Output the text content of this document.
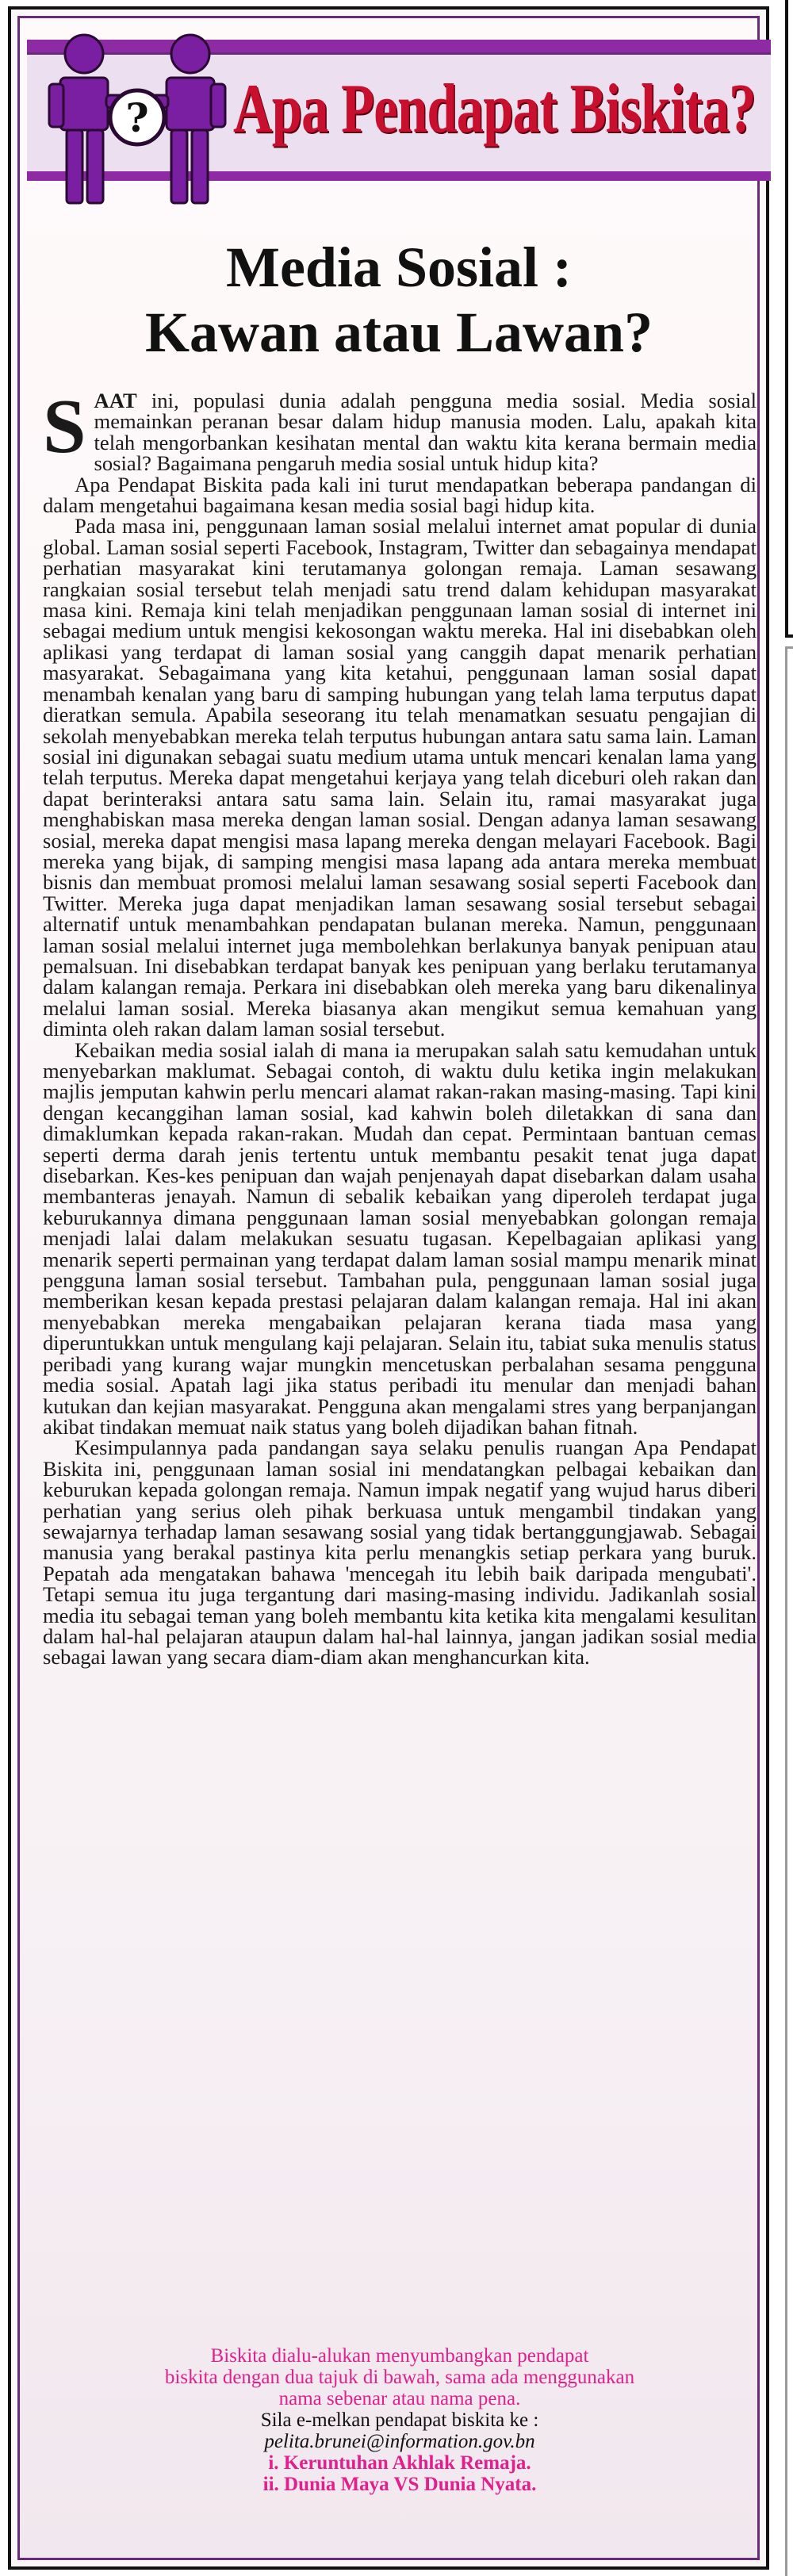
? Apa Pendapat Biskita?
Media Sosial :
Kawan atau Lawan?

SAAT ini, populasi dunia adalah pengguna media sosial. Media sosial memainkan peranan besar dalam hidup manusia moden. Lalu, apakah kita telah mengorbankan kesihatan mental dan waktu kita kerana bermain media sosial? Bagaimana pengaruh media sosial untuk hidup kita?

Apa Pendapat Biskita pada kali ini turut mendapatkan beberapa pandangan di dalam mengetahui bagaimana kesan media sosial bagi hidup kita.

Pada masa ini, penggunaan laman sosial melalui internet amat popular di dunia global. Laman sosial seperti Facebook, Instagram, Twitter dan sebagainya mendapat perhatian masyarakat kini terutamanya golongan remaja. Laman sesawang rangkaian sosial tersebut telah menjadi satu trend dalam kehidupan masyarakat masa kini. Remaja kini telah menjadikan penggunaan laman sosial di internet ini sebagai medium untuk mengisi kekosongan waktu mereka. Hal ini disebabkan oleh aplikasi yang terdapat di laman sosial yang canggih dapat menarik perhatian masyarakat. Sebagaimana yang kita ketahui, penggunaan laman sosial dapat menambah kenalan yang baru di samping hubungan yang telah lama terputus dapat dieratkan semula. Apabila seseorang itu telah menamatkan sesuatu pengajian di sekolah menyebabkan mereka telah terputus hubungan antara satu sama lain. Laman sosial ini digunakan sebagai suatu medium utama untuk mencari kenalan lama yang telah terputus. Mereka dapat mengetahui kerjaya yang telah diceburi oleh rakan dan dapat berinteraksi antara satu sama lain. Selain itu, ramai masyarakat juga menghabiskan masa mereka dengan laman sosial. Dengan adanya laman sesawang sosial, mereka dapat mengisi masa lapang mereka dengan melayari Facebook. Bagi mereka yang bijak, di samping mengisi masa lapang ada antara mereka membuat bisnis dan membuat promosi melalui laman sesawang sosial seperti Facebook dan Twitter. Mereka juga dapat menjadikan laman sesawang sosial tersebut sebagai alternatif untuk menambahkan pendapatan bulanan mereka. Namun, penggunaan laman sosial melalui internet juga membolehkan berlakunya banyak penipuan atau pemalsuan. Ini disebabkan terdapat banyak kes penipuan yang berlaku terutamanya dalam kalangan remaja. Perkara ini disebabkan oleh mereka yang baru dikenalinya melalui laman sosial. Mereka biasanya akan mengikut semua kemahuan yang diminta oleh rakan dalam laman sosial tersebut.

Kebaikan media sosial ialah di mana ia merupakan salah satu kemudahan untuk menyebarkan maklumat. Sebagai contoh, di waktu dulu ketika ingin melakukan majlis jemputan kahwin perlu mencari alamat rakan-rakan masing-masing. Tapi kini dengan kecanggihan laman sosial, kad kahwin boleh diletakkan di sana dan dimaklumkan kepada rakan-rakan. Mudah dan cepat. Permintaan bantuan cemas seperti derma darah jenis tertentu untuk membantu pesakit tenat juga dapat disebarkan. Kes-kes penipuan dan wajah penjenayah dapat disebarkan dalam usaha membanteras jenayah. Namun di sebalik kebaikan yang diperoleh terdapat juga keburukannya dimana penggunaan laman sosial menyebabkan golongan remaja menjadi lalai dalam melakukan sesuatu tugasan. Kepelbagaian aplikasi yang menarik seperti permainan yang terdapat dalam laman sosial mampu menarik minat pengguna laman sosial tersebut. Tambahan pula, penggunaan laman sosial juga memberikan kesan kepada prestasi pelajaran dalam kalangan remaja. Hal ini akan menyebabkan mereka mengabaikan pelajaran kerana tiada masa yang diperuntukkan untuk mengulang kaji pelajaran. Selain itu, tabiat suka menulis status peribadi yang kurang wajar mungkin mencetuskan perbalahan sesama pengguna media sosial. Apatah lagi jika status peribadi itu menular dan menjadi bahan kutukan dan kejian masyarakat. Pengguna akan mengalami stres yang berpanjangan akibat tindakan memuat naik status yang boleh dijadikan bahan fitnah.

Kesimpulannya pada pandangan saya selaku penulis ruangan Apa Pendapat Biskita ini, penggunaan laman sosial ini mendatangkan pelbagai kebaikan dan keburukan kepada golongan remaja. Namun impak negatif yang wujud harus diberi perhatian yang serius oleh pihak berkuasa untuk mengambil tindakan yang sewajarnya terhadap laman sesawang sosial yang tidak bertanggungjawab. Sebagai manusia yang berakal pastinya kita perlu menangkis setiap perkara yang buruk. Pepatah ada mengatakan bahawa 'mencegah itu lebih baik daripada mengubati'. Tetapi semua itu juga tergantung dari masing-masing individu. Jadikanlah sosial media itu sebagai teman yang boleh membantu kita ketika kita mengalami kesulitan dalam hal-hal pelajaran ataupun dalam hal-hal lainnya, jangan jadikan sosial media sebagai lawan yang secara diam-diam akan menghancurkan kita.

Biskita dialu-alukan menyumbangkan pendapat
biskita dengan dua tajuk di bawah, sama ada menggunakan
nama sebenar atau nama pena.
Sila e-melkan pendapat biskita ke :
pelita.brunei@information.gov.bn
i. Keruntuhan Akhlak Remaja.
ii. Dunia Maya VS Dunia Nyata.
